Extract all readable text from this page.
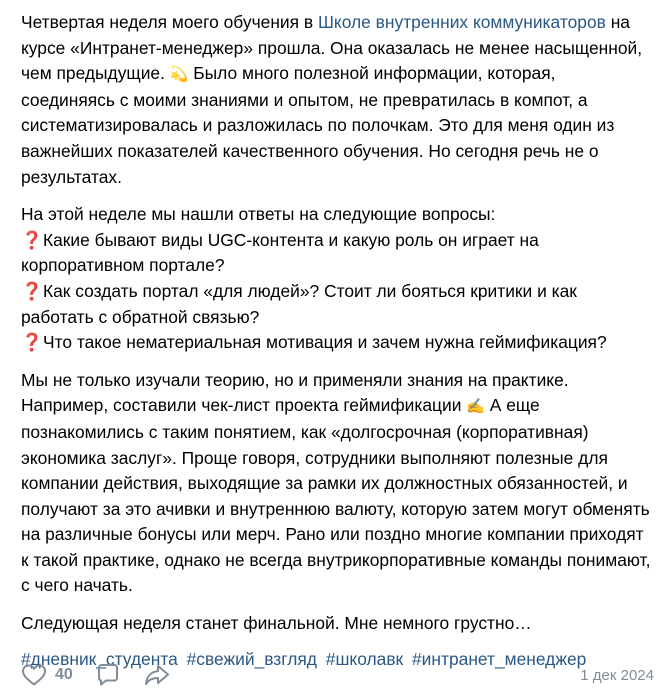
Четвертая неделя моего обучения в Школе внутренних коммуникаторов на курсе «Интранет-менеджер» прошла. Она оказалась не менее насыщенной, чем предыдущие. 💫 Было много полезной информации, которая, соединяясь с моими знаниями и опытом, не превратилась в компот, а систематизировалась и разложилась по полочкам. Это для меня один из важнейших показателей качественного обучения. Но сегодня речь не о результатах.

На этой неделе мы нашли ответы на следующие вопросы:
❓Какие бывают виды UGC-контента и какую роль он играет на корпоративном портале?
❓Как создать портал «для людей»? Стоит ли бояться критики и как работать с обратной связью?
❓Что такое нематериальная мотивация и зачем нужна геймификация?

Мы не только изучали теорию, но и применяли знания на практике. Например, составили чек-лист проекта геймификации ✍️ А еще познакомились с таким понятием, как «долгосрочная (корпоративная) экономика заслуг». Проще говоря, сотрудники выполняют полезные для компании действия, выходящие за рамки их должностных обязанностей, и получают за это ачивки и внутреннюю валюту, которую затем могут обменять на различные бонусы или мерч. Рано или поздно многие компании приходят к такой практике, однако не всегда внутрикорпоративные команды понимают, с чего начать.

Следующая неделя станет финальной. Мне немного грустно…

#дневник_студента #свежий_взгляд #школавк #интранет_менеджер
40	1 дек 2024
